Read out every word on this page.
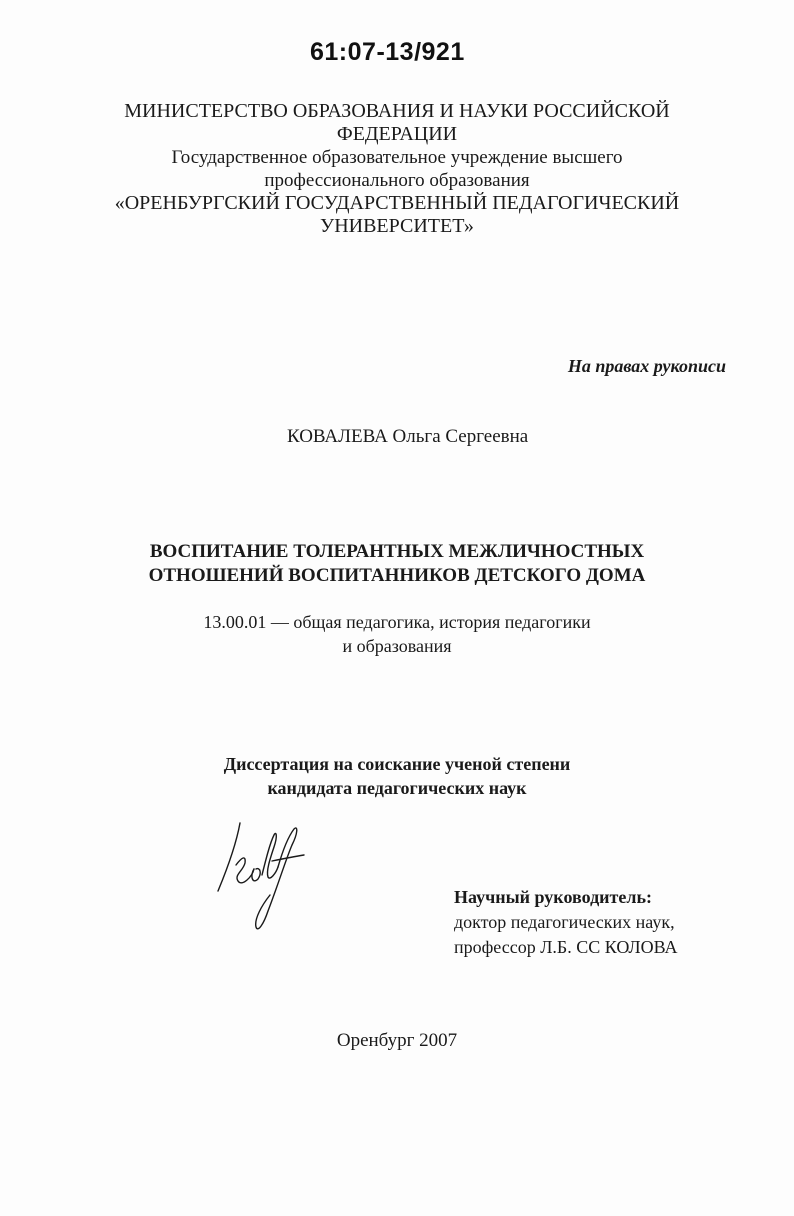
61:07-13/921
МИНИСТЕРСТВО ОБРАЗОВАНИЯ И НАУКИ РОССИЙСКОЙ
ФЕДЕРАЦИИ
Государственное образовательное учреждение высшего
профессионального образования
«ОРЕНБУРГСКИЙ ГОСУДАРСТВЕННЫЙ ПЕДАГОГИЧЕСКИЙ
УНИВЕРСИТЕТ»
На правах рукописи
КОВАЛЕВА Ольга Сергеевна
ВОСПИТАНИЕ ТОЛЕРАНТНЫХ МЕЖЛИЧНОСТНЫХ
ОТНОШЕНИЙ ВОСПИТАННИКОВ ДЕТСКОГО ДОМА
13.00.01 — общая педагогика, история педагогики
и образования
Диссертация на соискание ученой степени
кандидата педагогических наук
Научный руководитель:
доктор педагогических наук,
профессор Л.Б. СС КОЛОВА
Оренбург 2007
